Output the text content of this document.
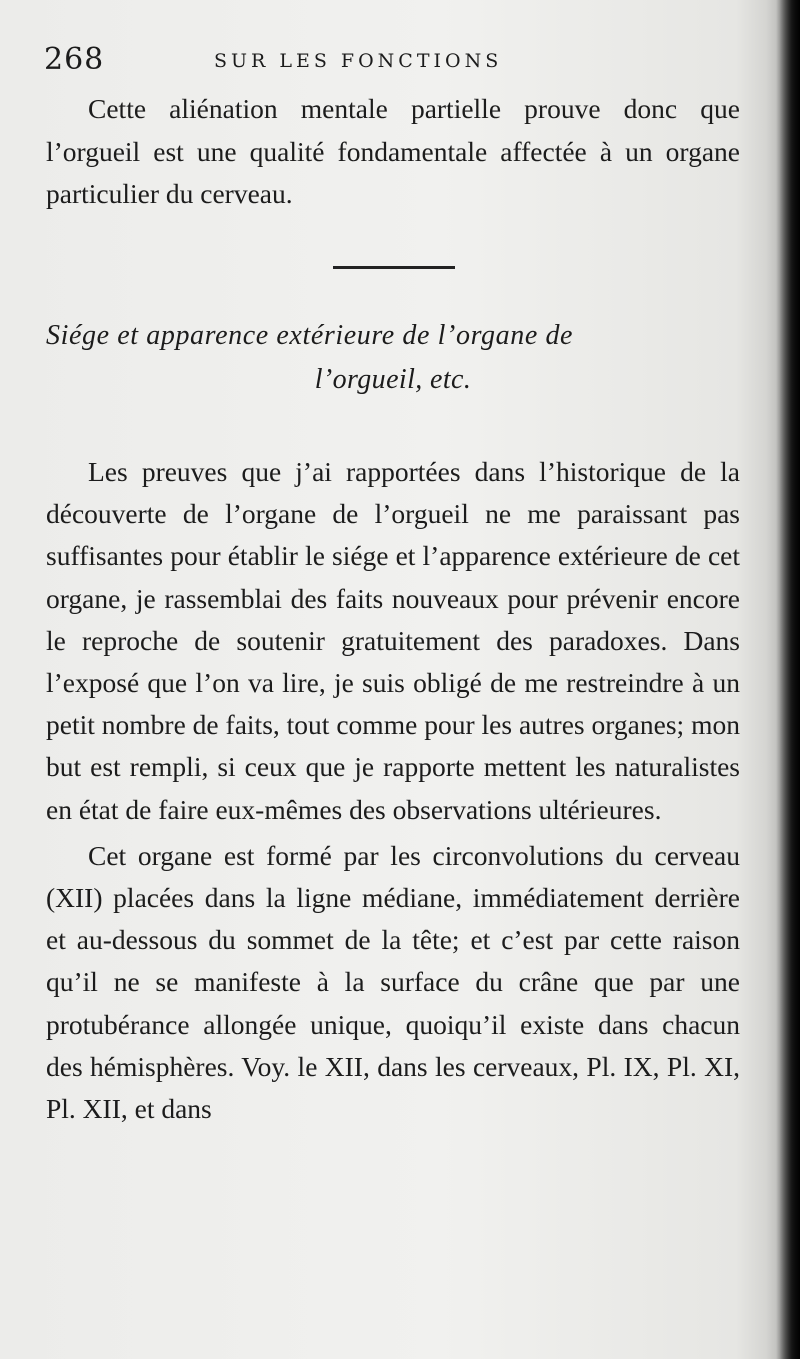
268	SUR LES FONCTIONS

Cette aliénation mentale partielle prouve donc que l’orgueil est une qualité fondamentale affectée à un organe particulier du cerveau.

Siége et apparence extérieure de l’organe de
l’orgueil, etc.

Les preuves que j’ai rapportées dans l’historique de la découverte de l’organe de l’orgueil ne me paraissant pas suffisantes pour établir le siége et l’apparence extérieure de cet organe, je rassemblai des faits nouveaux pour prévenir encore le reproche de soutenir gratuitement des paradoxes. Dans l’exposé que l’on va lire, je suis obligé de me restreindre à un petit nombre de faits, tout comme pour les autres organes; mon but est rempli, si ceux que je rapporte mettent les naturalistes en état de faire eux-mêmes des observations ultérieures.

Cet organe est formé par les circonvolutions du cerveau (XII) placées dans la ligne médiane, immédiatement derrière et au-dessous du sommet de la tête; et c’est par cette raison qu’il ne se manifeste à la surface du crâne que par une protubérance allongée unique, quoiqu’il existe dans chacun des hémisphères. Voy. le XII, dans les cerveaux, Pl. IX, Pl. XI, Pl. XII, et dans
